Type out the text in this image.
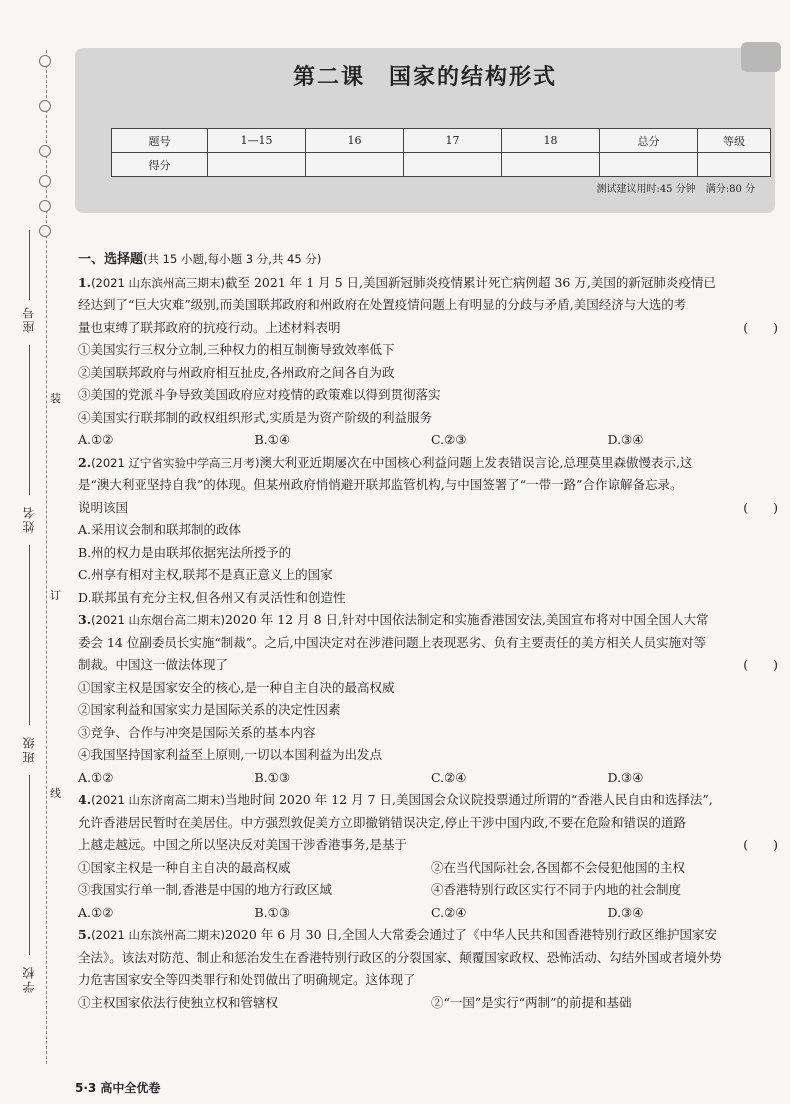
座号
姓名
班级
学校
装
订
线
第二课　国家的结构形式
题号	1—15	16	17	18	总分	等级
得分						
测试建议用时:45 分钟　满分:80 分
一、选择题(共 15 小题,每小题 3 分,共 45 分)
1.(2021 山东滨州高三期末)截至 2021 年 1 月 5 日,美国新冠肺炎疫情累计死亡病例超 36 万,美国的新冠肺炎疫情已
经达到了“巨大灾难”级别,而美国联邦政府和州政府在处置疫情问题上有明显的分歧与矛盾,美国经济与大选的考
量也束缚了联邦政府的抗疫行动。上述材料表明	(　　)
①美国实行三权分立制,三种权力的相互制衡导致效率低下
②美国联邦政府与州政府相互扯皮,各州政府之间各自为政
③美国的党派斗争导致美国政府应对疫情的政策难以得到贯彻落实
④美国实行联邦制的政权组织形式,实质是为资产阶级的利益服务
A.①②	B.①④	C.②③	D.③④
2.(2021 辽宁省实验中学高三月考)澳大利亚近期屡次在中国核心利益问题上发表错误言论,总理莫里森傲慢表示,这
是“澳大利亚坚持自我”的体现。但某州政府悄悄避开联邦监管机构,与中国签署了“一带一路”合作谅解备忘录。
说明该国	(　　)
A.采用议会制和联邦制的政体
B.州的权力是由联邦依据宪法所授予的
C.州享有相对主权,联邦不是真正意义上的国家
D.联邦虽有充分主权,但各州又有灵活性和创造性
3.(2021 山东烟台高二期末)2020 年 12 月 8 日,针对中国依法制定和实施香港国安法,美国宣布将对中国全国人大常
委会 14 位副委员长实施“制裁”。之后,中国决定对在涉港问题上表现恶劣、负有主要责任的美方相关人员实施对等
制裁。中国这一做法体现了	(　　)
①国家主权是国家安全的核心,是一种自主自决的最高权威
②国家利益和国家实力是国际关系的决定性因素
③竞争、合作与冲突是国际关系的基本内容
④我国坚持国家利益至上原则,一切以本国利益为出发点
A.①②	B.①③	C.②④	D.③④
4.(2021 山东济南高二期末)当地时间 2020 年 12 月 7 日,美国国会众议院投票通过所谓的“香港人民自由和选择法”,
允许香港居民暂时在美居住。中方强烈敦促美方立即撤销错误决定,停止干涉中国内政,不要在危险和错误的道路
上越走越远。中国之所以坚决反对美国干涉香港事务,是基于	(　　)
①国家主权是一种自主自决的最高权威	②在当代国际社会,各国都不会侵犯他国的主权
③我国实行单一制,香港是中国的地方行政区域	④香港特别行政区实行不同于内地的社会制度
A.①②	B.①③	C.②④	D.③④
5.(2021 山东滨州高二期末)2020 年 6 月 30 日,全国人大常委会通过了《中华人民共和国香港特别行政区维护国家安
全法》。该法对防范、制止和惩治发生在香港特别行政区的分裂国家、颠覆国家政权、恐怖活动、勾结外国或者境外势
力危害国家安全等四类罪行和处罚做出了明确规定。这体现了
①主权国家依法行使独立权和管辖权	②“一国”是实行“两制”的前提和基础
5·3 高中全优卷
